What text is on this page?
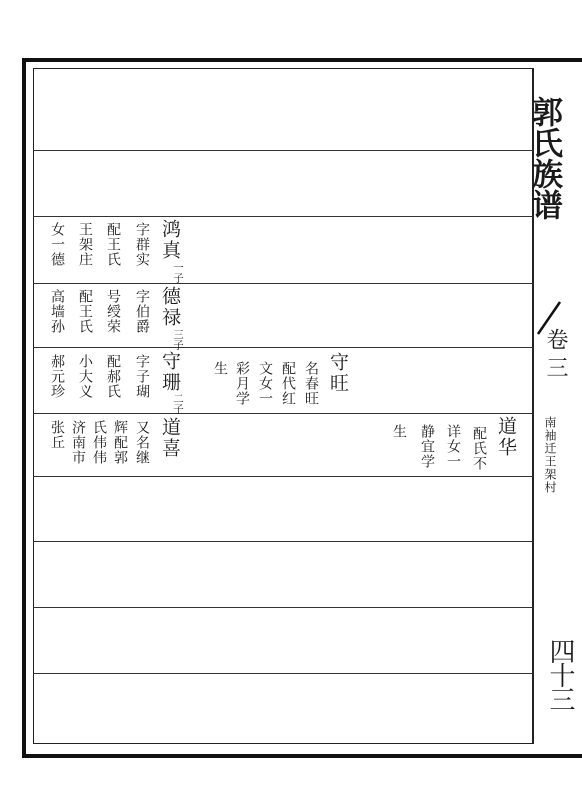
郭氏族谱
卷三
南袖迁王架村
四十三
鸿真
一子
字群实
配王氏
王架庄
女一德
德禄
三子
字伯爵
号绶荣
配王氏
高墙孙
守珊
二子
字子瑚
配郝氏
小大义
郝元珍
道喜
又名继
辉配郭
氏伟伟
济南市
张丘
守旺
名春旺
配代红
文女一
彩月学
生
道华
配氏不
详女一
静宜学
生
